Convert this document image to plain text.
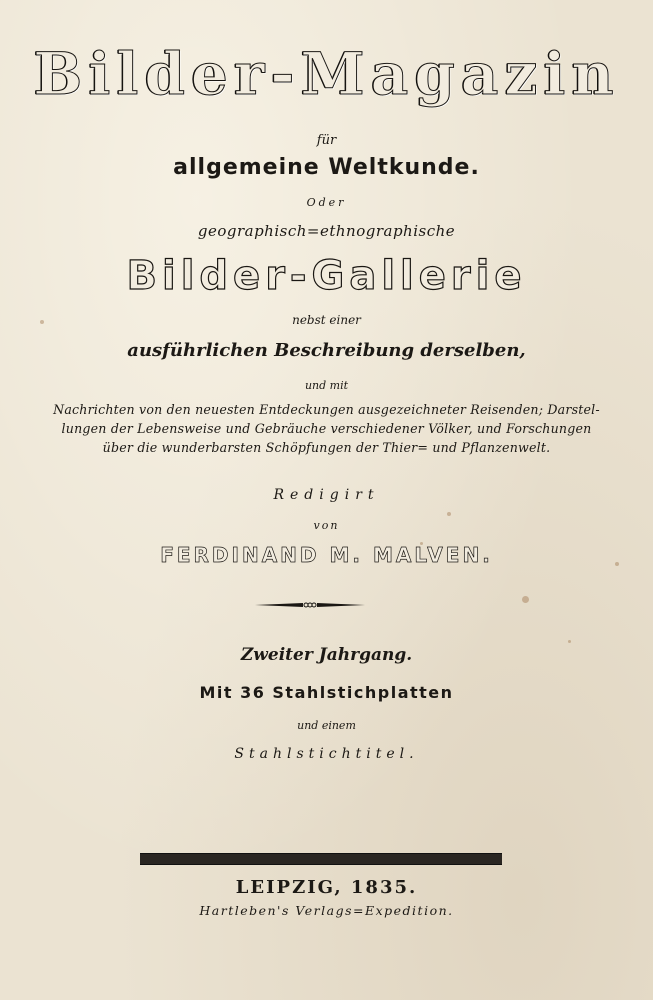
Bilder-Magazin
für
allgemeine Weltkunde.
Oder
geographisch=ethnographische
Bilder-Gallerie
nebst einer
ausführlichen Beschreibung derselben,
und mit
Nachrichten von den neuesten Entdeckungen ausgezeichneter Reisenden; Darstel-
lungen der Lebensweise und Gebräuche verschiedener Völker, und Forschungen
über die wunderbarsten Schöpfungen der Thier= und Pflanzenwelt.
Redigirt
von
FERDINAND M. MALVEN.
Zweiter Jahrgang.
Mit 36 Stahlstichplatten
und einem
Stahlstichtitel.
LEIPZIG, 1835.
Hartleben's Verlags=Expedition.
